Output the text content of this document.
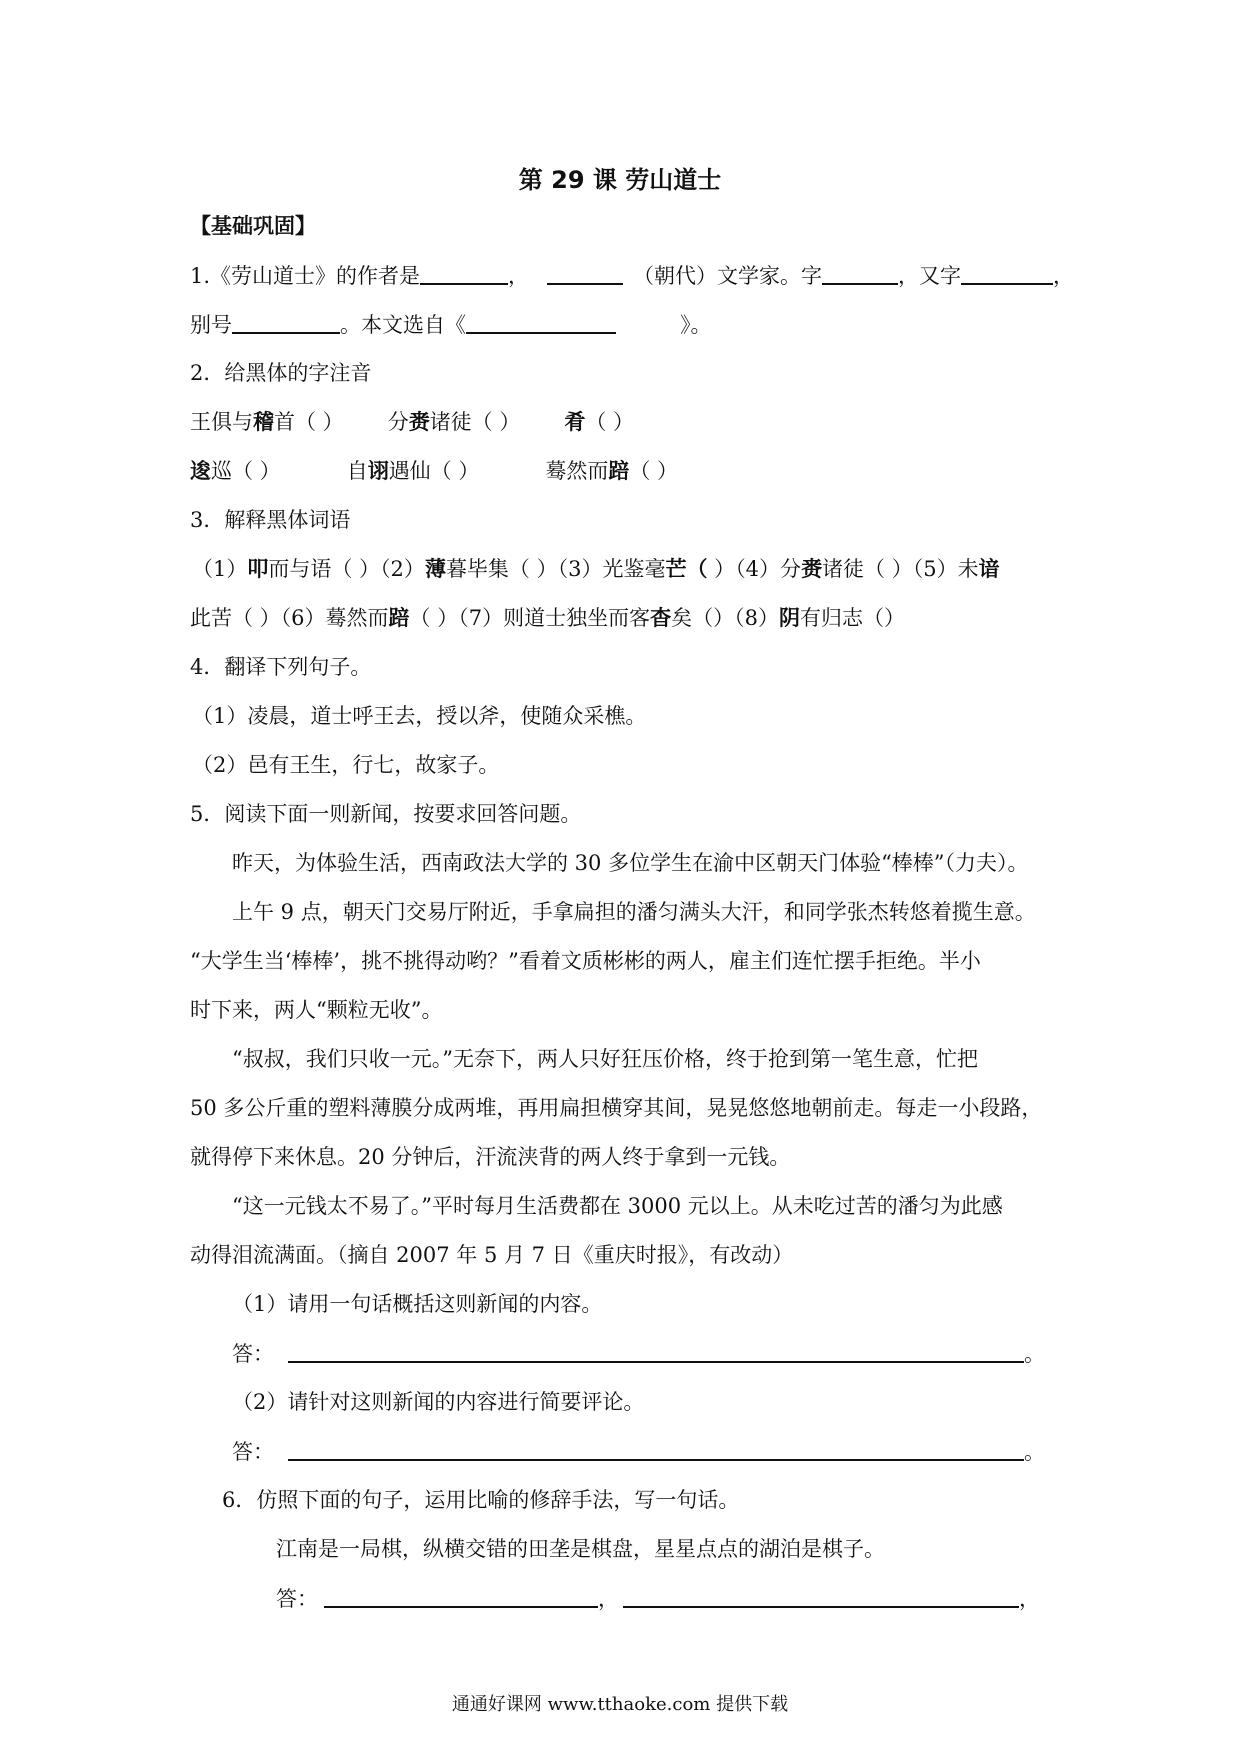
第 29 课 劳山道士
【基础巩固】
1.《劳山道士》的作者是	，	（朝代）文学家。字	，又字	，
别号	。本文选自《	》。
2．给黑体的字注音
王俱与稽首（ ） 分赉诸徒（ ） 肴（ ）
逡巡（ ）	自诩遇仙（ ）	蓦然而踣（ ）
3．解释黑体词语
（1）叩而与语（ ）（2）薄暮毕集（ ）（3）光鉴毫芒（ ）（4）分赉诸徒（ ）（5）未谙
此苦（ ）（6）蓦然而踣（ ）（7）则道士独坐而客杳矣（）（8）阴有归志（）
4．翻译下列句子。
（1）凌晨，道士呼王去，授以斧，使随众采樵。
（2）邑有王生，行七，故家子。
5．阅读下面一则新闻，按要求回答问题。
昨天，为体验生活，西南政法大学的 30 多位学生在渝中区朝天门体验“棒棒”（力夫）。
上午 9 点，朝天门交易厅附近，手拿扁担的潘匀满头大汗，和同学张杰转悠着揽生意。
“大学生当‘棒棒’，挑不挑得动哟？”看着文质彬彬的两人，雇主们连忙摆手拒绝。半小
时下来，两人“颗粒无收”。
“叔叔，我们只收一元。”无奈下，两人只好狂压价格，终于抢到第一笔生意，忙把
50 多公斤重的塑料薄膜分成两堆，再用扁担横穿其间，晃晃悠悠地朝前走。每走一小段路，
就得停下来休息。20 分钟后，汗流浃背的两人终于拿到一元钱。
“这一元钱太不易了。”平时每月生活费都在 3000 元以上。从未吃过苦的潘匀为此感
动得泪流满面。（摘自 2007 年 5 月 7 日《重庆时报》，有改动）
（1）请用一句话概括这则新闻的内容。
答：	。
（2）请针对这则新闻的内容进行简要评论。
答：	。
6．仿照下面的句子，运用比喻的修辞手法，写一句话。
江南是一局棋，纵横交错的田垄是棋盘，星星点点的湖泊是棋子。
答：	，	，
通通好课网 www.tthaoke.com 提供下载
